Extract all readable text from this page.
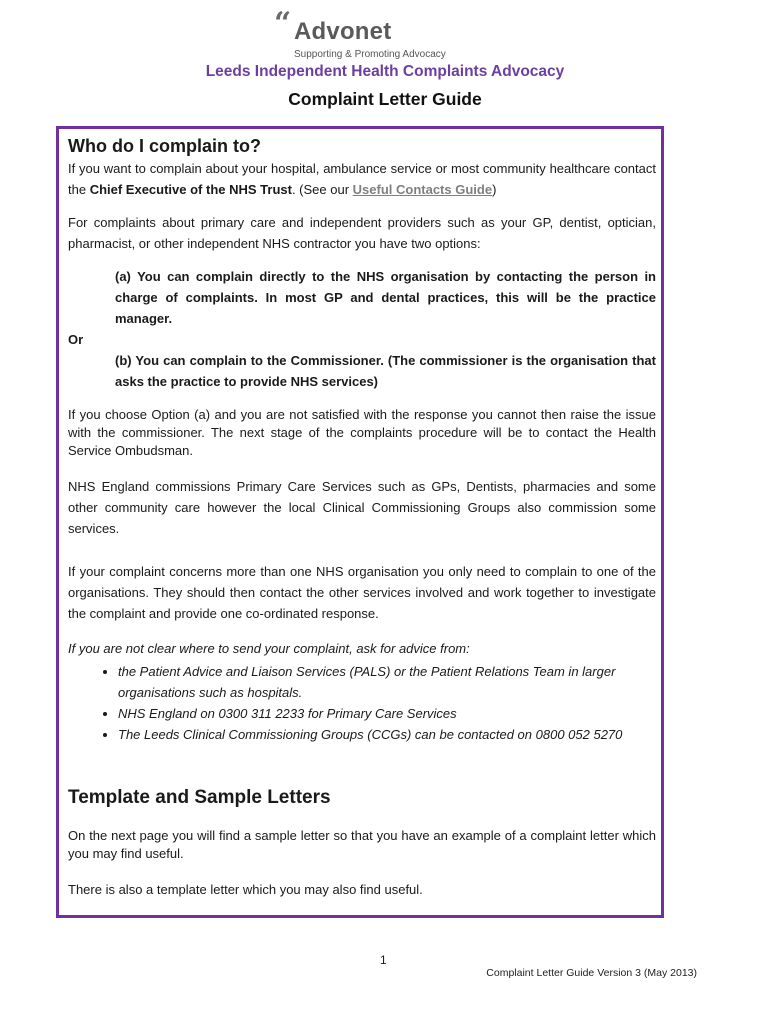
“ Advonet
Supporting & Promoting Advocacy
Leeds Independent Health Complaints Advocacy
Complaint Letter Guide
Who do I complain to?

If you want to complain about your hospital, ambulance service or most community healthcare contact the Chief Executive of the NHS Trust. (See our Useful Contacts Guide)

For complaints about primary care and independent providers such as your GP, dentist, optician, pharmacist, or other independent NHS contractor you have two options:

(a) You can complain directly to the NHS organisation by contacting the person in charge of complaints. In most GP and dental practices, this will be the practice manager.

Or

(b) You can complain to the Commissioner. (The commissioner is the organisation that asks the practice to provide NHS services)

If you choose Option (a) and you are not satisfied with the response you cannot then raise the issue with the commissioner. The next stage of the complaints procedure will be to contact the Health Service Ombudsman.

NHS England commissions Primary Care Services such as GPs, Dentists, pharmacies and some other community care however the local Clinical Commissioning Groups also commission some services.

If your complaint concerns more than one NHS organisation you only need to complain to one of the organisations. They should then contact the other services involved and work together to investigate the complaint and provide one co-ordinated response.

If you are not clear where to send your complaint, ask for advice from:

• the Patient Advice and Liaison Services (PALS) or the Patient Relations Team in larger organisations such as hospitals.
• NHS England on 0300 311 2233 for Primary Care Services
• The Leeds Clinical Commissioning Groups (CCGs) can be contacted on 0800 052 5270
Template and Sample Letters

On the next page you will find a sample letter so that you have an example of a complaint letter which you may find useful.

There is also a template letter which you may also find useful.

1
Complaint Letter Guide Version 3 (May 2013)
